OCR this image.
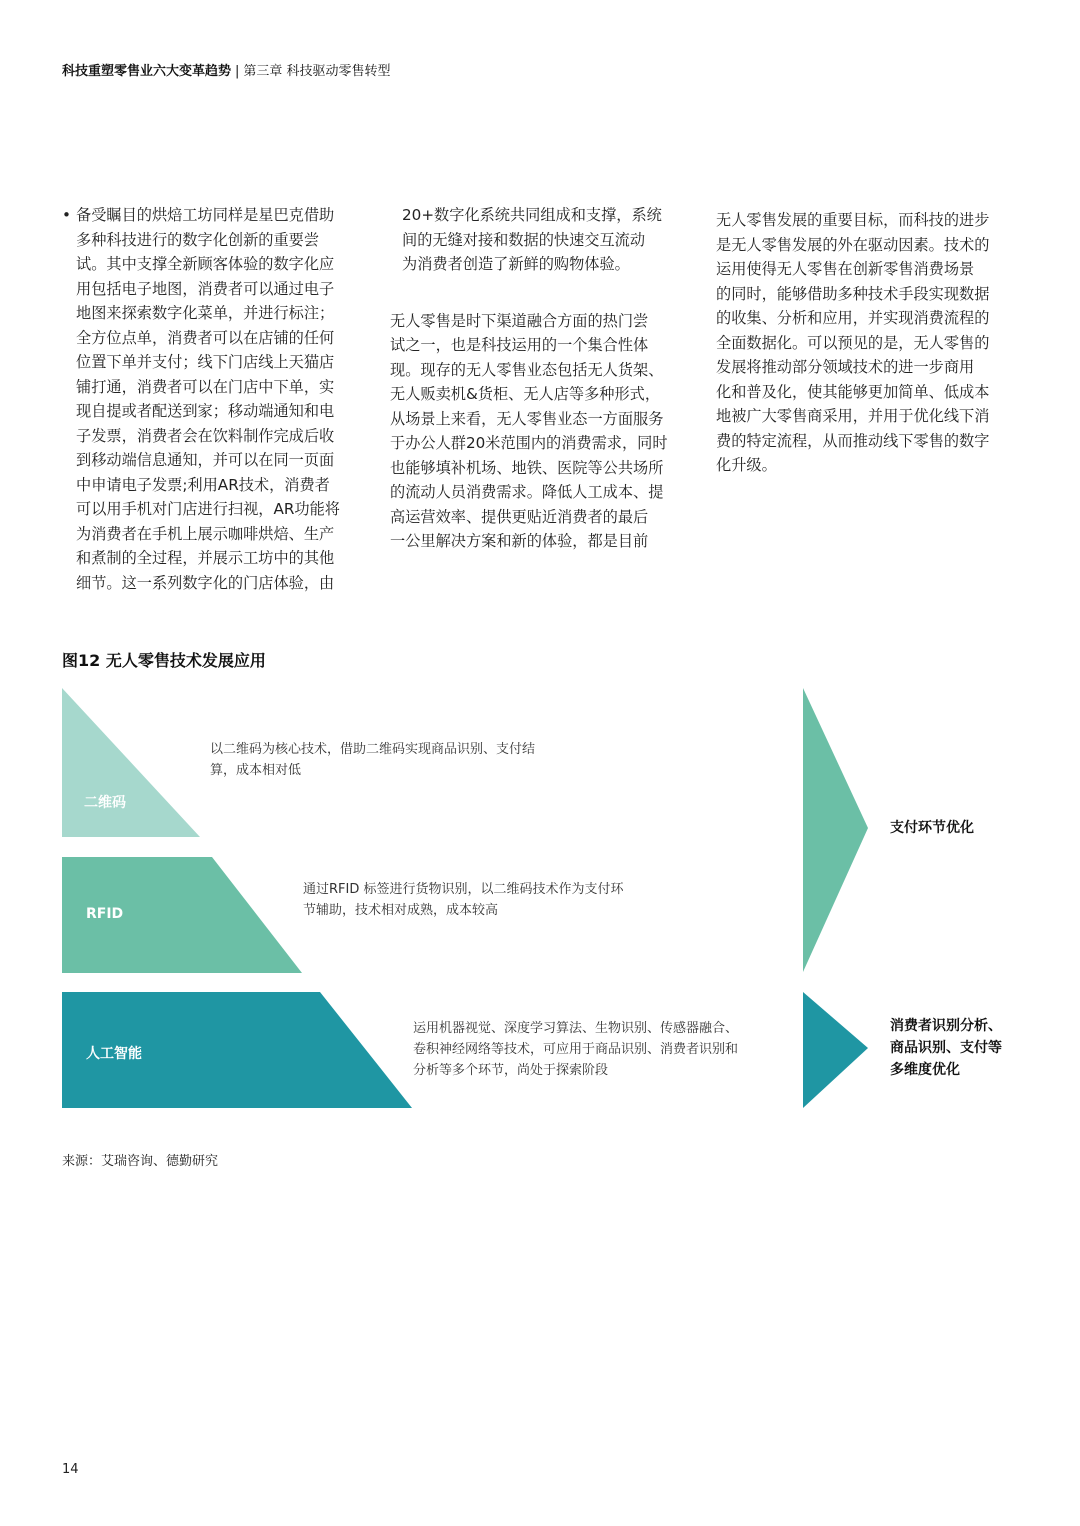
科技重塑零售业六大变革趋势 | 第三章 科技驱动零售转型
• 备受瞩目的烘焙工坊同样是星巴克借助
多种科技进行的数字化创新的重要尝
试。其中支撑全新顾客体验的数字化应
用包括电子地图，消费者可以通过电子
地图来探索数字化菜单，并进行标注；
全方位点单，消费者可以在店铺的任何
位置下单并支付；线下门店线上天猫店
铺打通，消费者可以在门店中下单，实
现自提或者配送到家；移动端通知和电
子发票，消费者会在饮料制作完成后收
到移动端信息通知，并可以在同一页面
中申请电子发票;利用AR技术，消费者
可以用手机对门店进行扫视，AR功能将
为消费者在手机上展示咖啡烘焙、生产
和煮制的全过程，并展示工坊中的其他
细节。这一系列数字化的门店体验，由

20+数字化系统共同组成和支撑，系统
间的无缝对接和数据的快速交互流动
为消费者创造了新鲜的购物体验。

无人零售是时下渠道融合方面的热门尝
试之一，也是科技运用的一个集合性体
现。现存的无人零售业态包括无人货架、
无人贩卖机&货柜、无人店等多种形式，
从场景上来看，无人零售业态一方面服务
于办公人群20米范围内的消费需求，同时
也能够填补机场、地铁、医院等公共场所
的流动人员消费需求。降低人工成本、提
高运营效率、提供更贴近消费者的最后
一公里解决方案和新的体验，都是目前

无人零售发展的重要目标，而科技的进步
是无人零售发展的外在驱动因素。技术的
运用使得无人零售在创新零售消费场景
的同时，能够借助多种技术手段实现数据
的收集、分析和应用，并实现消费流程的
全面数据化。可以预见的是，无人零售的
发展将推动部分领域技术的进一步商用
化和普及化，使其能够更加简单、低成本
地被广大零售商采用，并用于优化线下消
费的特定流程，从而推动线下零售的数字
化升级。

图12 无人零售技术发展应用
二维码
RFID
人工智能
以二维码为核心技术，借助二维码实现商品识别、支付结
算，成本相对低
通过RFID 标签进行货物识别，以二维码技术作为支付环
节辅助，技术相对成熟，成本较高
运用机器视觉、深度学习算法、生物识别、传感器融合、
卷积神经网络等技术，可应用于商品识别、消费者识别和
分析等多个环节，尚处于探索阶段
支付环节优化
消费者识别分析、
商品识别、支付等
多维度优化
来源：艾瑞咨询、德勤研究
14
